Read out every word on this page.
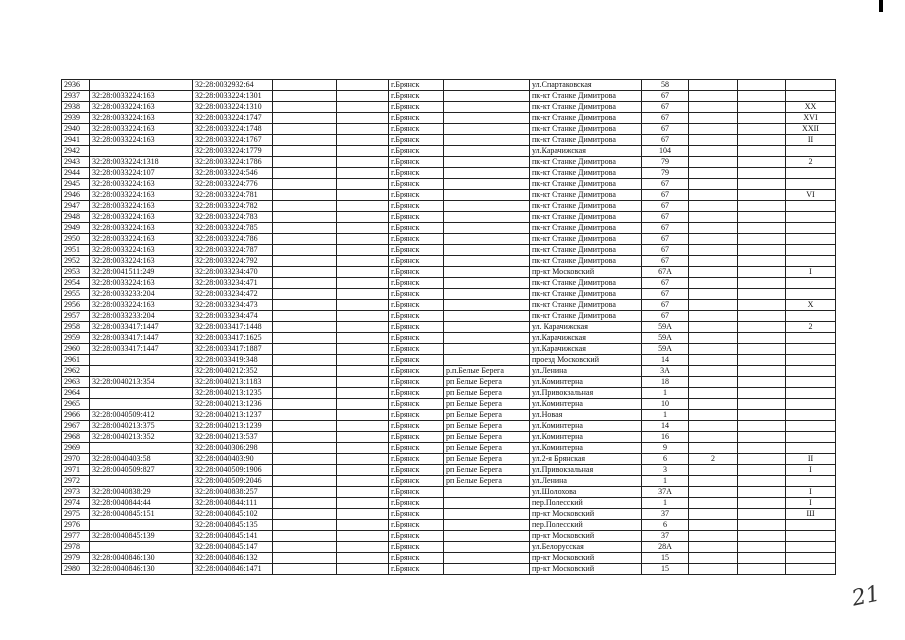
2936		32:28:0032932:64			г.Брянск		ул.Спартаковская	58			
2937	32:28:0033224:163	32:28:0033224:1301			г.Брянск		пк-кт Станке Димитрова	67			
2938	32:28:0033224:163	32:28:0033224:1310			г.Брянск		пк-кт Станке Димитрова	67			XX
2939	32:28:0033224:163	32:28:0033224:1747			г.Брянск		пк-кт Станке Димитрова	67			XVI
2940	32:28:0033224:163	32:28:0033224:1748			г.Брянск		пк-кт Станке Димитрова	67			XXII
2941	32:28:0033224:163	32:28:0033224:1767			г.Брянск		пк-кт Станке Димитрова	67			II
2942		32:28:0033224:1779			г.Брянск		ул.Карачижская	104			
2943	32:28:0033224:1318	32:28:0033224:1786			г.Брянск		пк-кт Станке Димитрова	79			2
2944	32:28:0033224:107	32:28:0033224:546			г.Брянск		пк-кт Станке Димитрова	79			
2945	32:28:0033224:163	32:28:0033224:776			г.Брянск		пк-кт Станке Димитрова	67			
2946	32:28:0033224:163	32:28:0033224:781			г.Брянск		пк-кт Станке Димитрова	67			VI
2947	32:28:0033224:163	32:28:0033224:782			г.Брянск		пк-кт Станке Димитрова	67			
2948	32:28:0033224:163	32:28:0033224:783			г.Брянск		пк-кт Станке Димитрова	67			
2949	32:28:0033224:163	32:28:0033224:785			г.Брянск		пк-кт Станке Димитрова	67			
2950	32:28:0033224:163	32:28:0033224:786			г.Брянск		пк-кт Станке Димитрова	67			
2951	32:28:0033224:163	32:28:0033224:787			г.Брянск		пк-кт Станке Димитрова	67			
2952	32:28:0033224:163	32:28:0033224:792			г.Брянск		пк-кт Станке Димитрова	67			
2953	32:28:0041511:249	32:28:0033234:470			г.Брянск		пр-кт Московский	67А			I
2954	32:28:0033224:163	32:28:0033234:471			г.Брянск		пк-кт Станке Димитрова	67			
2955	32:28:0033233:204	32:28:0033234:472			г.Брянск		пк-кт Станке Димитрова	67			
2956	32:28:0033224:163	32:28:0033234:473			г.Брянск		пк-кт Станке Димитрова	67			X
2957	32:28:0033233:204	32:28:0033234:474			г.Брянск		пк-кт Станке Димитрова	67			
2958	32:28:0033417:1447	32:28:0033417:1448			г.Брянск		ул. Карачижская	59А			2
2959	32:28:0033417:1447	32:28:0033417:1625			г.Брянск		ул.Карачижская	59А			
2960	32:28:0033417:1447	32:28:0033417:1887			г.Брянск		ул.Карачижская	59А			
2961		32:28:0033419:348			г.Брянск		проезд Московский	14			
2962		32:28:0040212:352			г.Брянск	р.п.Белые Берега	ул.Ленина	3А			
2963	32:28:0040213:354	32:28:0040213:1183			г.Брянск	рп Белые Берега	ул.Коминтерна	18			
2964		32:28:0040213:1235			г.Брянск	рп Белые Берега	ул.Привокзальная	1			
2965		32:28:0040213:1236			г.Брянск	рп Белые Берега	ул.Коминтерна	10			
2966	32:28:0040509:412	32:28:0040213:1237			г.Брянск	рп Белые Берега	ул.Новая	1			
2967	32:28:0040213:375	32:28:0040213:1239			г.Брянск	рп Белые Берега	ул.Коминтерна	14			
2968	32:28:0040213:352	32:28:0040213:537			г.Брянск	рп Белые Берега	ул.Коминтерна	16			
2969		32:28:0040306:298			г.Брянск	рп Белые Берега	ул.Коминтерна	9			
2970	32:28:0040403:58	32:28:0040403:90			г.Брянск	рп Белые Берега	ул.2-я Брянская	6	2		II
2971	32:28:0040509:827	32:28:0040509:1906			г.Брянск	рп Белые Берега	ул.Привокзальная	3			I
2972		32:28:0040509:2046			г.Брянск	рп Белые Берега	ул.Ленина	1			
2973	32:28:0040838:29	32:28:0040838:257			г.Брянск		ул.Шолохова	37А			I
2974	32:28:0040844:44	32:28:0040844:111			г.Брянск		пер.Полесский	1			I
2975	32:28:0040845:151	32:28:0040845:102			г.Брянск		пр-кт Московский	37			Ш
2976		32:28:0040845:135			г.Брянск		пер.Полесский	6			
2977	32:28:0040845:139	32:28:0040845:141			г.Брянск		пр-кт Московский	37			
2978		32:28:0040845:147			г.Брянск		ул.Белорусская	28А			
2979	32:28:0040846:130	32:28:0040846:132			г.Брянск		пр-кт Московский	15			
2980	32:28:0040846:130	32:28:0040846:1471			г.Брянск		пр-кт Московский	15			
21
